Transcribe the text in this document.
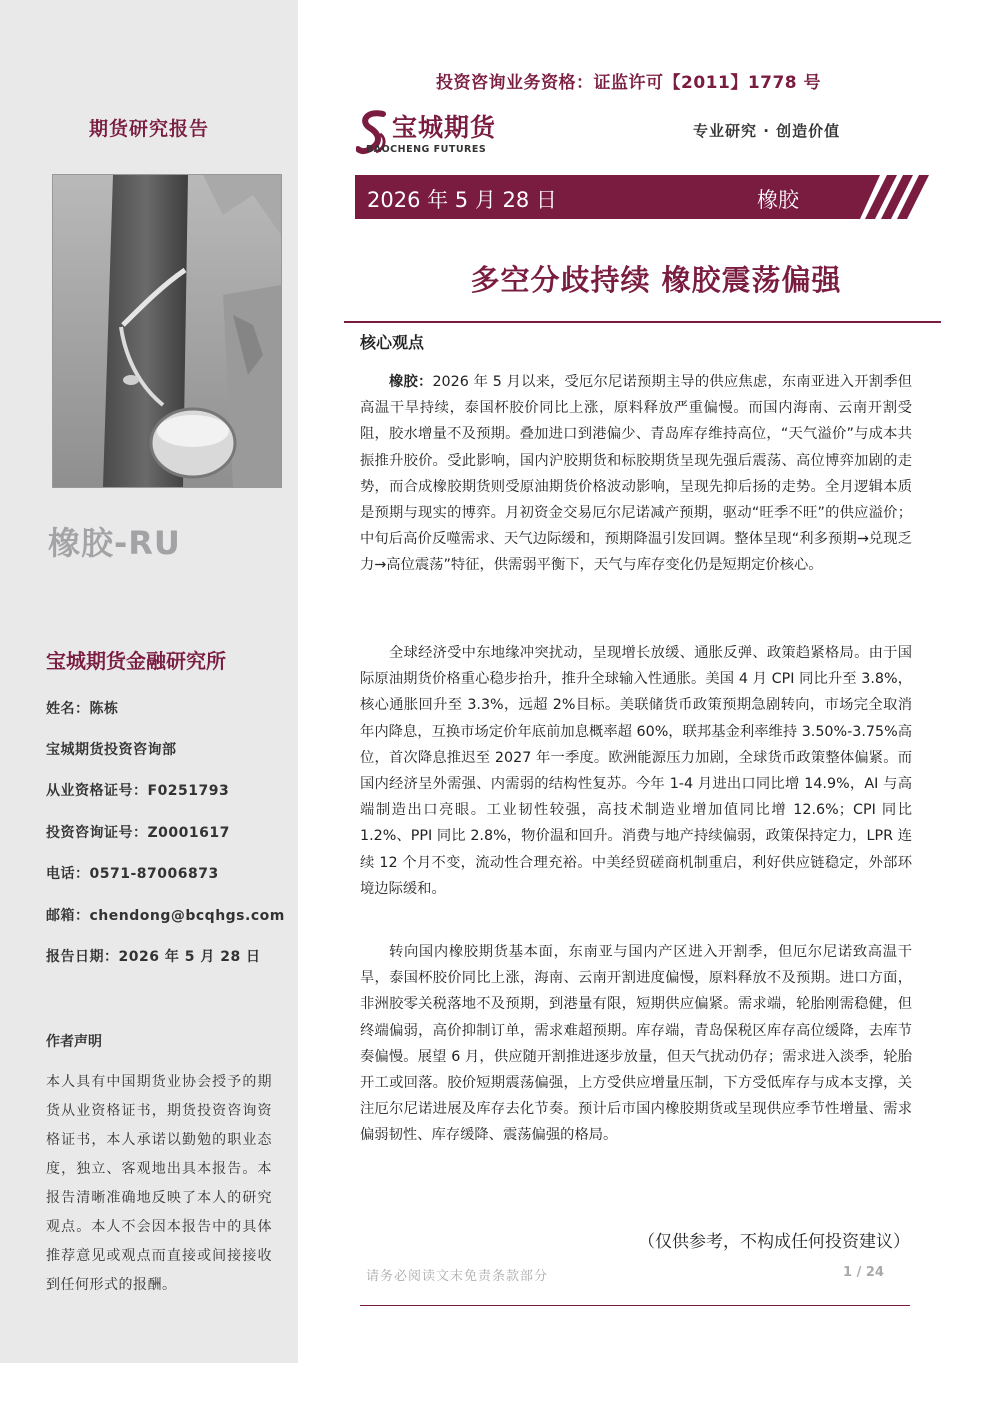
期货研究报告
橡胶-RU
宝城期货金融研究所
姓名：陈栋
宝城期货投资咨询部
从业资格证号：F0251793
投资咨询证号：Z0001617
电话：0571-87006873
邮箱：chendong@bcqhgs.com
报告日期：2026 年 5 月 28 日
作者声明
本人具有中国期货业协会授予的期货从业资格证书，期货投资咨询资格证书，本人承诺以勤勉的职业态度，独立、客观地出具本报告。本报告清晰准确地反映了本人的研究观点。本人不会因本报告中的具体推荐意见或观点而直接或间接接收到任何形式的报酬。
投资咨询业务资格：证监许可【2011】1778 号
宝城期货
BAOCHENG FUTURES
专业研究 · 创造价值
2026 年 5 月 28 日	橡胶
多空分歧持续 橡胶震荡偏强
核心观点

橡胶：2026 年 5 月以来，受厄尔尼诺预期主导的供应焦虑，东南亚进入开割季但高温干旱持续，泰国杯胶价同比上涨，原料释放严重偏慢。而国内海南、云南开割受阻，胶水增量不及预期。叠加进口到港偏少、青岛库存维持高位，“天气溢价”与成本共振推升胶价。受此影响，国内沪胶期货和标胶期货呈现先强后震荡、高位博弈加剧的走势，而合成橡胶期货则受原油期货价格波动影响，呈现先抑后扬的走势。全月逻辑本质是预期与现实的博弈。月初资金交易厄尔尼诺减产预期，驱动“旺季不旺”的供应溢价；中旬后高价反噬需求、天气边际缓和，预期降温引发回调。整体呈现“利多预期→兑现乏力→高位震荡”特征，供需弱平衡下，天气与库存变化仍是短期定价核心。

全球经济受中东地缘冲突扰动，呈现增长放缓、通胀反弹、政策趋紧格局。由于国际原油期货价格重心稳步抬升，推升全球输入性通胀。美国 4 月 CPI 同比升至 3.8%，核心通胀回升至 3.3%，远超 2%目标。美联储货币政策预期急剧转向，市场完全取消年内降息，互换市场定价年底前加息概率超 60%，联邦基金利率维持 3.50%-3.75%高位，首次降息推迟至 2027 年一季度。欧洲能源压力加剧，全球货币政策整体偏紧。而国内经济呈外需强、内需弱的结构性复苏。今年 1-4 月进出口同比增 14.9%，AI 与高端制造出口亮眼。工业韧性较强，高技术制造业增加值同比增 12.6%；CPI 同比 1.2%、PPI 同比 2.8%，物价温和回升。消费与地产持续偏弱，政策保持定力，LPR 连续 12 个月不变，流动性合理充裕。中美经贸磋商机制重启，利好供应链稳定，外部环境边际缓和。

转向国内橡胶期货基本面，东南亚与国内产区进入开割季，但厄尔尼诺致高温干旱，泰国杯胶价同比上涨，海南、云南开割进度偏慢，原料释放不及预期。进口方面，非洲胶零关税落地不及预期，到港量有限，短期供应偏紧。需求端，轮胎刚需稳健，但终端偏弱，高价抑制订单，需求难超预期。库存端，青岛保税区库存高位缓降，去库节奏偏慢。展望 6 月，供应随开割推进逐步放量，但天气扰动仍存；需求进入淡季，轮胎开工或回落。胶价短期震荡偏强，上方受供应增量压制，下方受低库存与成本支撑，关注厄尔尼诺进展及库存去化节奏。预计后市国内橡胶期货或呈现供应季节性增量、需求偏弱韧性、库存缓降、震荡偏强的格局。

（仅供参考，不构成任何投资建议）
请务必阅读文末免责条款部分	1 / 24
